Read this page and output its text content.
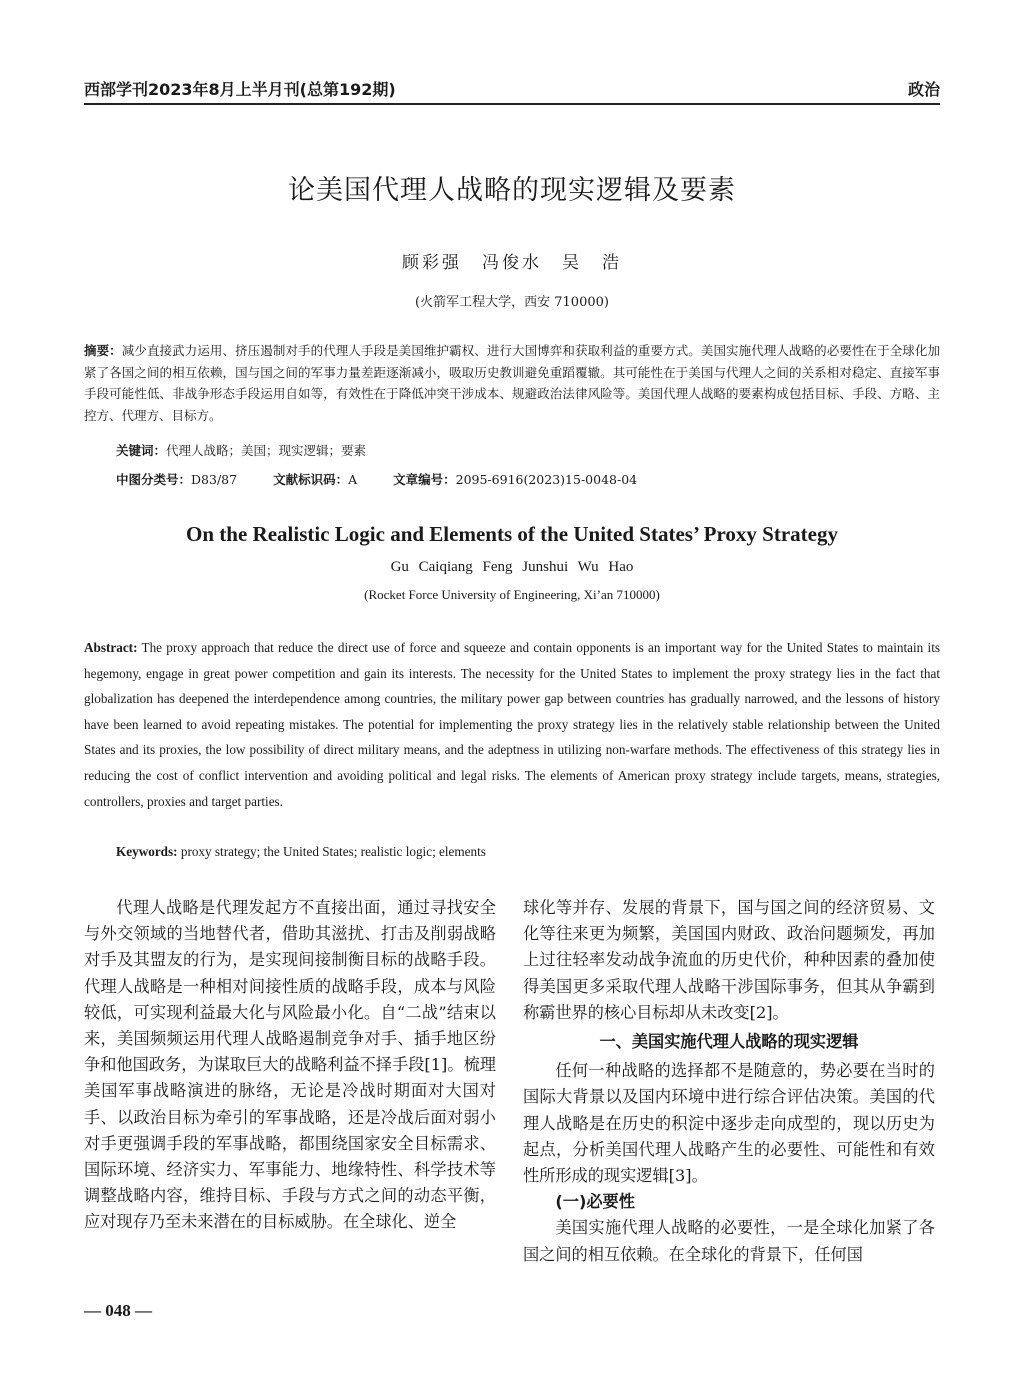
西部学刊2023年8月上半月刊(总第192期)	政治
论美国代理人战略的现实逻辑及要素
顾彩强　冯俊水　吴　浩
(火箭军工程大学，西安 710000)
摘要：减少直接武力运用、挤压遏制对手的代理人手段是美国维护霸权、进行大国博弈和获取利益的重要方式。美国实施代理人战略的必要性在于全球化加紧了各国之间的相互依赖，国与国之间的军事力量差距逐渐减小，吸取历史教训避免重蹈覆辙。其可能性在于美国与代理人之间的关系相对稳定、直接军事手段可能性低、非战争形态手段运用自如等，有效性在于降低冲突干涉成本、规避政治法律风险等。美国代理人战略的要素构成包括目标、手段、方略、主控方、代理方、目标方。
关键词：代理人战略；美国；现实逻辑；要素
中图分类号：D83/87	文献标识码：A	文章编号：2095-6916(2023)15-0048-04
On the Realistic Logic and Elements of the United States’ Proxy Strategy
Gu Caiqiang Feng Junshui Wu Hao
(Rocket Force University of Engineering, Xi’an 710000)
Abstract: The proxy approach that reduce the direct use of force and squeeze and contain opponents is an important way for the United States to maintain its hegemony, engage in great power competition and gain its interests. The necessity for the United States to implement the proxy strategy lies in the fact that globalization has deepened the interdependence among countries, the military power gap between countries has gradually narrowed, and the lessons of history have been learned to avoid repeating mistakes. The potential for implementing the proxy strategy lies in the relatively stable relationship between the United States and its proxies, the low possibility of direct military means, and the adeptness in utilizing non-warfare methods. The effectiveness of this strategy lies in reducing the cost of conflict intervention and avoiding political and legal risks. The elements of American proxy strategy include targets, means, strategies, controllers, proxies and target parties.
Keywords: proxy strategy; the United States; realistic logic; elements

代理人战略是代理发起方不直接出面，通过寻找安全与外交领域的当地替代者，借助其滋扰、打击及削弱战略对手及其盟友的行为，是实现间接制衡目标的战略手段。代理人战略是一种相对间接性质的战略手段，成本与风险较低，可实现利益最大化与风险最小化。自“二战”结束以来，美国频频运用代理人战略遏制竞争对手、插手地区纷争和他国政务，为谋取巨大的战略利益不择手段[1]。梳理美国军事战略演进的脉络，无论是冷战时期面对大国对手、以政治目标为牵引的军事战略，还是冷战后面对弱小对手更强调手段的军事战略，都围绕国家安全目标需求、国际环境、经济实力、军事能力、地缘特性、科学技术等调整战略内容，维持目标、手段与方式之间的动态平衡，应对现存乃至未来潜在的目标威胁。在全球化、逆全

球化等并存、发展的背景下，国与国之间的经济贸易、文化等往来更为频繁，美国国内财政、政治问题频发，再加上过往轻率发动战争流血的历史代价，种种因素的叠加使得美国更多采取代理人战略干涉国际事务，但其从争霸到称霸世界的核心目标却从未改变[2]。

一、美国实施代理人战略的现实逻辑

任何一种战略的选择都不是随意的，势必要在当时的国际大背景以及国内环境中进行综合评估决策。美国的代理人战略是在历史的积淀中逐步走向成型的，现以历史为起点，分析美国代理人战略产生的必要性、可能性和有效性所形成的现实逻辑[3]。

(一)必要性

美国实施代理人战略的必要性，一是全球化加紧了各国之间的相互依赖。在全球化的背景下，任何国

— 048 —
